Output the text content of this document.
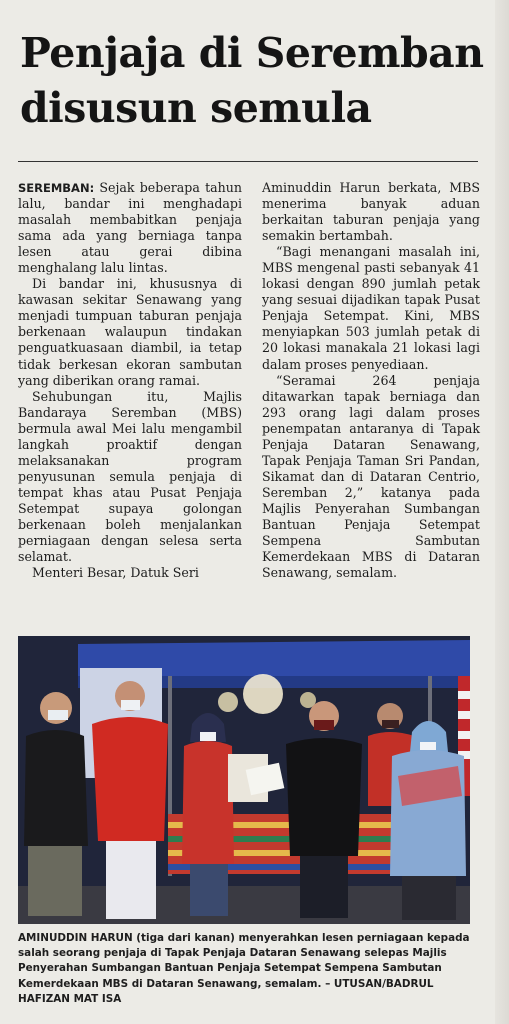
Penjaja di Seremban
disusun semula

SEREMBAN: Sejak beberapa tahun lalu, bandar ini menghadapi masalah membabitkan penjaja sama ada yang berniaga tanpa lesen atau gerai dibina menghalang lalu lintas.

Di bandar ini, khususnya di kawasan sekitar Senawang yang menjadi tumpuan taburan penjaja berkenaan walaupun tindakan penguatkuasaan diambil, ia tetap tidak berkesan ekoran sambutan yang diberikan orang ramai.

Sehubungan itu, Majlis Bandaraya Seremban (MBS) bermula awal Mei lalu mengambil langkah proaktif dengan melaksanakan program penyusunan semula penjaja di tempat khas atau Pusat Penjaja Setempat supaya golongan berkenaan boleh menjalankan perniagaan dengan selesa serta selamat.

Menteri Besar, Datuk Seri

Aminuddin Harun berkata, MBS menerima banyak aduan berkaitan taburan penjaja yang semakin bertambah.

“Bagi menangani masalah ini, MBS mengenal pasti sebanyak 41 lokasi dengan 890 jumlah petak yang sesuai dijadikan tapak Pusat Penjaja Setempat. Kini, MBS menyiapkan 503 jumlah petak di 20 lokasi manakala 21 lokasi lagi dalam proses penyediaan.

“Seramai 264 penjaja ditawarkan tapak berniaga dan 293 orang lagi dalam proses penempatan antaranya di Tapak Penjaja Dataran Senawang, Tapak Penjaja Taman Sri Pandan, Sikamat dan di Dataran Centrio, Seremban 2,” katanya pada Majlis Penyerahan Sumbangan Bantuan Penjaja Setempat Sempena Sambutan Kemerdekaan MBS di Dataran Senawang, semalam.

AMINUDDIN HARUN (tiga dari kanan) menyerahkan lesen perniagaan kepada salah seorang penjaja di Tapak Penjaja Dataran Senawang selepas Majlis Penyerahan Sumbangan Bantuan Penjaja Setempat Sempena Sambutan Kemerdekaan MBS di Dataran Senawang, semalam. – UTUSAN/BADRUL HAFIZAN MAT ISA
